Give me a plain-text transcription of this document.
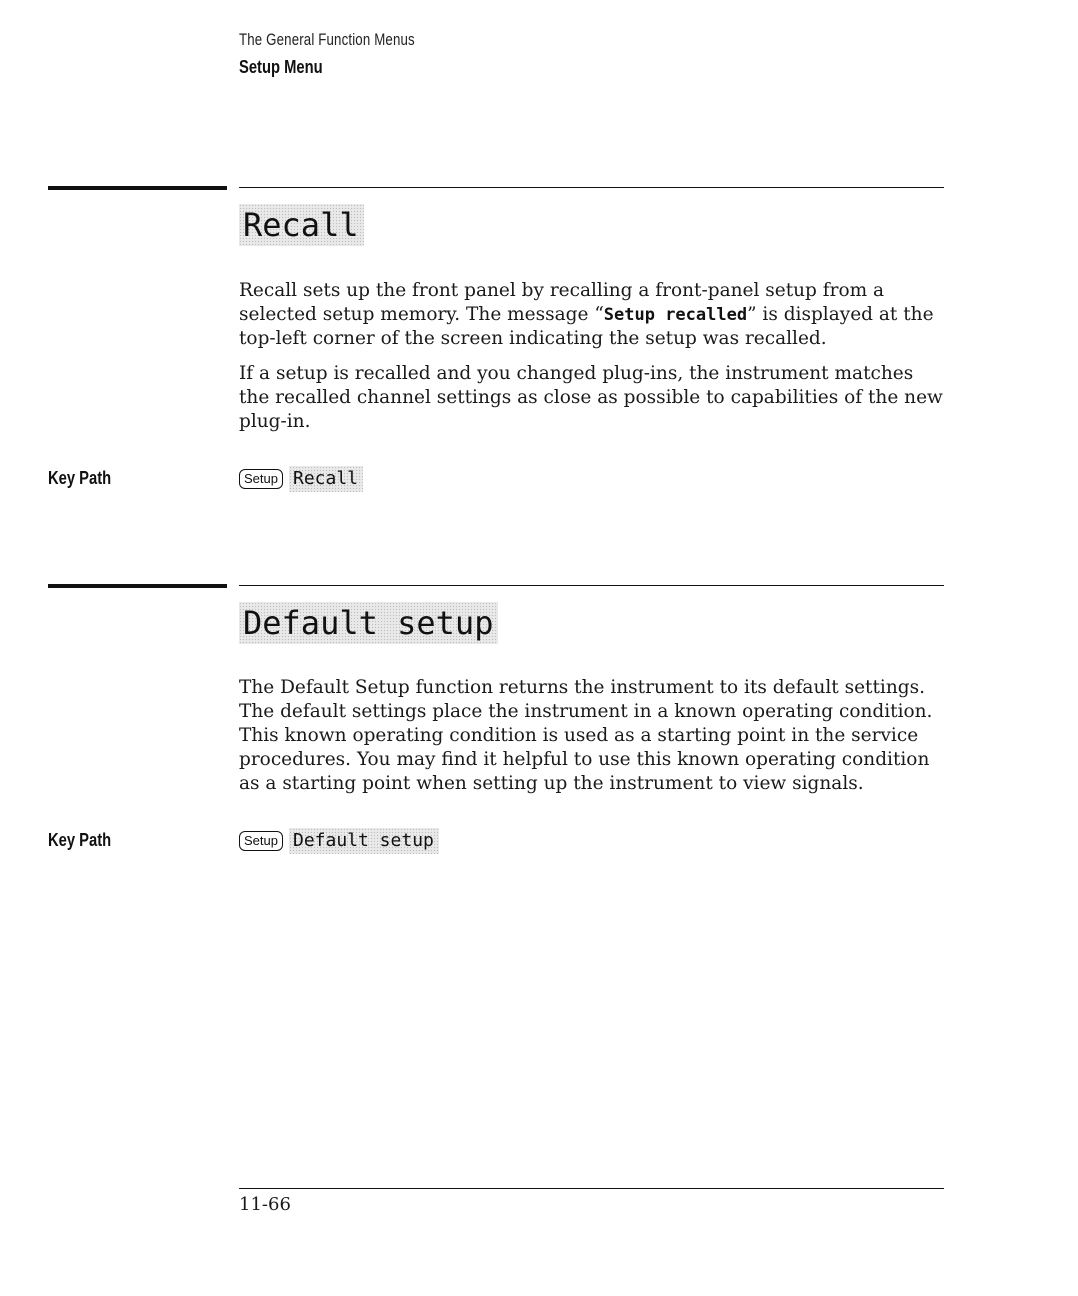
The General Function Menus
Setup Menu
Recall

Recall sets up the front panel by recalling a front-panel setup from a selected setup memory. The message “Setup recalled” is displayed at the top-left corner of the screen indicating the setup was recalled.

If a setup is recalled and you changed plug-ins, the instrument matches the recalled channel settings as close as possible to capabilities of the new plug-in.

Key Path	Setup Recall
Default setup

The Default Setup function returns the instrument to its default settings. The default settings place the instrument in a known operating condition. This known operating condition is used as a starting point in the service procedures. You may ﬁnd it helpful to use this known operating condition as a starting point when setting up the instrument to view signals.

Key Path	Setup Default setup
11-66
